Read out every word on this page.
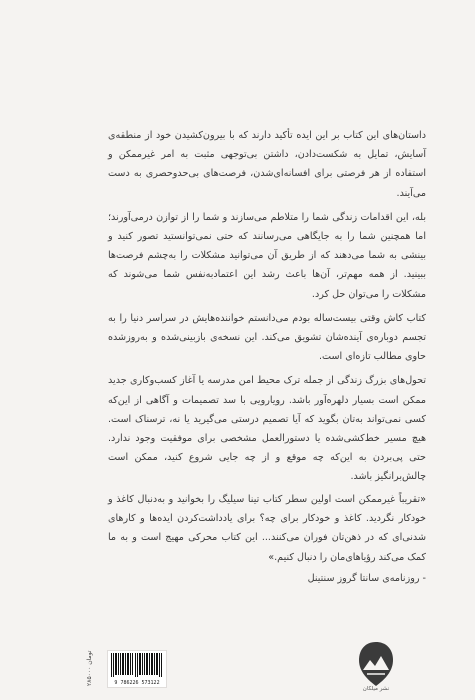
داستان‌های این کتاب بر این ایده تأکید دارند که با بیرون‌کشیدن خود از منطقه‌ی آسایش، تمایل به شکست‌دادن، داشتن بی‌توجهی مثبت به امر غیرممکن و استفاده از هر فرصتی برای افسانه‌ای‌شدن، فرصت‌های بی‌حدوحصری به دست می‌آیند.

بله، این اقدامات زندگی شما را متلاطم می‌سازند و شما را از توازن درمی‌آورند؛ اما همچنین شما را به جایگاهی می‌رسانند که حتی نمی‌توانستید تصور کنید و بینشی به شما می‌دهند که از طریق آن می‌توانید مشکلات را به‌چشم فرصت‌ها ببینید. از همه مهم‌تر، آن‌ها باعث رشد این اعتمادبه‌نفس شما می‌شوند که مشکلات را می‌توان حل کرد.

کتاب کاش وقتی بیست‌ساله بودم می‌دانستم خواننده‌هایش در سراسر دنیا را به تجسم دوباره‌ی آینده‌شان تشویق می‌کند. این نسخه‌ی بازبینی‌شده و به‌روزشده حاوی مطالب تازه‌ای است.

تحول‌های بزرگ زندگی از جمله ترک محیط امن مدرسه یا آغاز کسب‌وکاری جدید ممکن است بسیار دلهره‌آور باشد. رویارویی با سد تصمیمات و آگاهی از این‌که کسی نمی‌تواند به‌تان بگوید که آیا تصمیم درستی می‌گیرید یا نه، ترسناک است. هیچ مسیر خط‌کشی‌شده یا دستورالعمل مشخصی برای موفقیت وجود ندارد. حتی پی‌بردن به این‌که چه موقع و از چه جایی شروع کنید، ممکن است چالش‌برانگیز باشد.

«تقریباً غیرممکن است اولین سطر کتاب تینا سیلیگ را بخوانید و به‌دنبال کاغذ و خودکار نگردید. کاغذ و خودکار برای چه؟ برای یادداشت‌کردن ایده‌ها و کارهای شدنی‌ای که در ذهن‌تان فوران می‌کنند... این کتاب محرکی مهیج است و به ما کمک می‌کند رؤیاهای‌مان را دنبال کنیم.»

- روزنامه‌ی سانتا گروز سنتینل

۲۸۵۰۰۰ تومان
9 786226 573122
نشر میلکان
